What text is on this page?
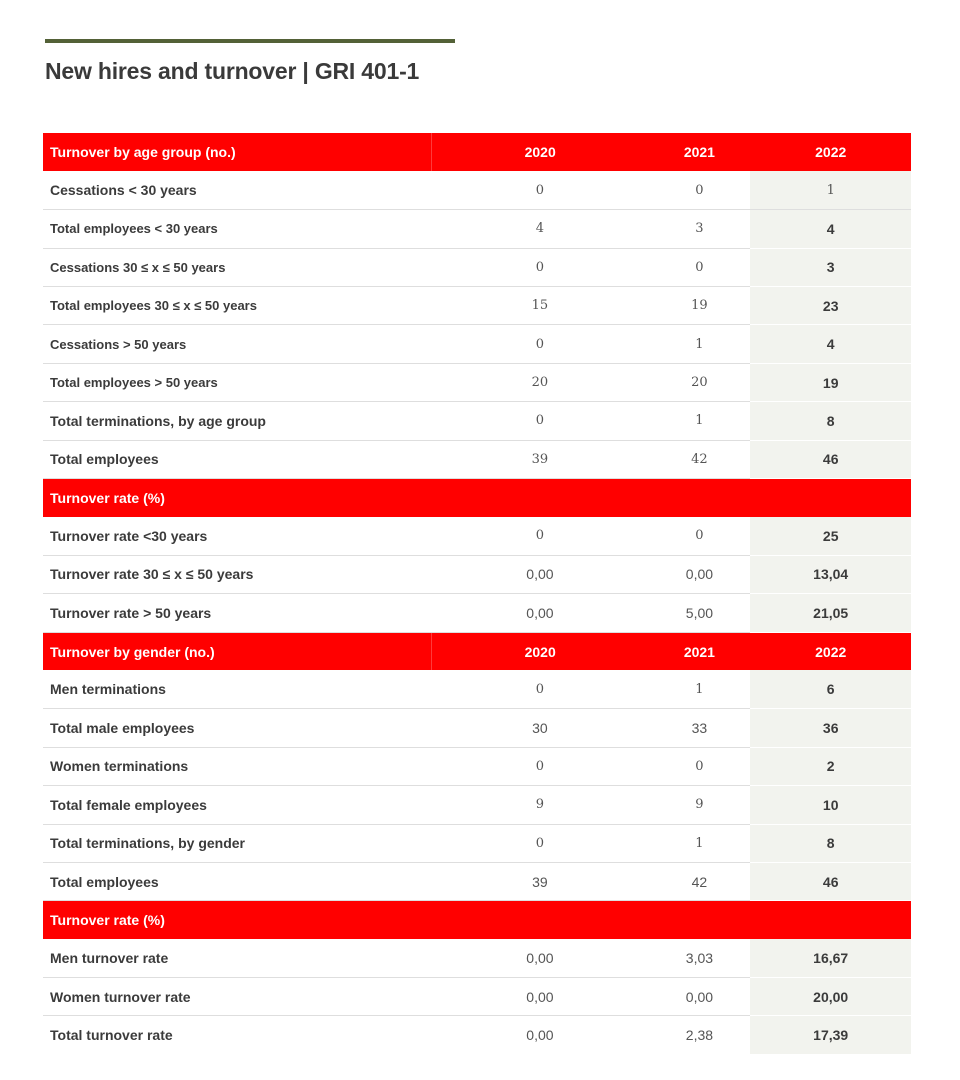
New hires and turnover | GRI 401-1
Turnover by age group (no.)	2020	2021	2022
Cessations < 30 years	0	0	1
Total employees < 30 years	4	3	4
Cessations 30 ≤ x ≤ 50 years	0	0	3
Total employees 30 ≤ x ≤ 50 years	15	19	23
Cessations > 50 years	0	1	4
Total employees > 50 years	20	20	19
Total terminations, by age group	0	1	8
Total employees	39	42	46
Turnover rate (%)			
Turnover rate <30 years	0	0	25
Turnover rate 30 ≤ x ≤ 50 years	0,00	0,00	13,04
Turnover rate > 50 years	0,00	5,00	21,05
Turnover by gender (no.)	2020	2021	2022
Men terminations	0	1	6
Total male employees	30	33	36
Women terminations	0	0	2
Total female employees	9	9	10
Total terminations, by gender	0	1	8
Total employees	39	42	46
Turnover rate (%)			
Men turnover rate	0,00	3,03	16,67
Women turnover rate	0,00	0,00	20,00
Total turnover rate	0,00	2,38	17,39
